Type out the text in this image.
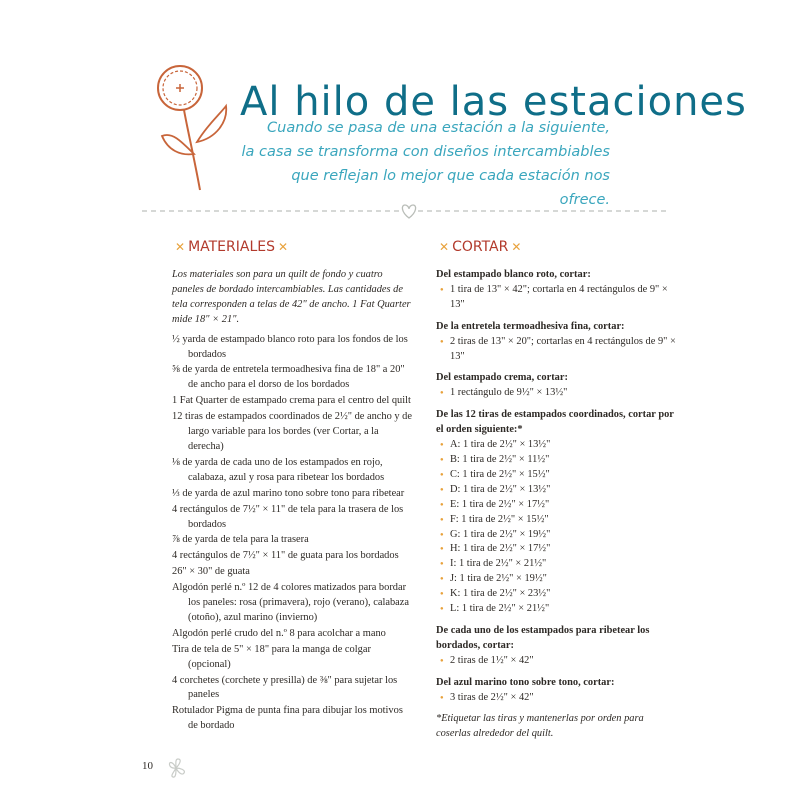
Al hilo de las estaciones
Cuando se pasa de una estación a la siguiente,
la casa se transforma con diseños intercambiables
que reflejan lo mejor que cada estación nos ofrece.
✕ MATERIALES ✕

Los materiales son para un quilt de fondo y cuatro paneles de bordado intercambiables. Las cantidades de tela corresponden a telas de 42" de ancho. 1 Fat Quarter mide 18" × 21".

½ yarda de estampado blanco roto para los fondos de los bordados

⅝ de yarda de entretela termoadhesiva fina de 18" a 20" de ancho para el dorso de los bordados

1 Fat Quarter de estampado crema para el centro del quilt

12 tiras de estampados coordinados de 2½" de ancho y de largo variable para los bordes (ver Cortar, a la derecha)

⅛ de yarda de cada uno de los estampados en rojo, calabaza, azul y rosa para ribetear los bordados

⅓ de yarda de azul marino tono sobre tono para ribetear

4 rectángulos de 7½" × 11" de tela para la trasera de los bordados

⅞ de yarda de tela para la trasera

4 rectángulos de 7½" × 11" de guata para los bordados

26" × 30" de guata

Algodón perlé n.º 12 de 4 colores matizados para bordar los paneles: rosa (primavera), rojo (verano), calabaza (otoño), azul marino (invierno)

Algodón perlé crudo del n.º 8 para acolchar a mano

Tira de tela de 5" × 18" para la manga de colgar (opcional)

4 corchetes (corchete y presilla) de ⅜" para sujetar los paneles

Rotulador Pigma de punta fina para dibujar los motivos de bordado

✕ CORTAR ✕

Del estampado blanco roto, cortar:

● 1 tira de 13" × 42"; cortarla en 4 rectángulos de 9" × 13"

De la entretela termoadhesiva fina, cortar:

● 2 tiras de 13" × 20"; cortarlas en 4 rectángulos de 9" × 13"

Del estampado crema, cortar:

● 1 rectángulo de 9½" × 13½"

De las 12 tiras de estampados coordinados, cortar por el orden siguiente:*

● A: 1 tira de 2½" × 13½"

● B: 1 tira de 2½" × 11½"

● C: 1 tira de 2½" × 15½"

● D: 1 tira de 2½" × 13½"

● E: 1 tira de 2½" × 17½"

● F: 1 tira de 2½" × 15½"

● G: 1 tira de 2½" × 19½"

● H: 1 tira de 2½" × 17½"

● I: 1 tira de 2½" × 21½"

● J: 1 tira de 2½" × 19½"

● K: 1 tira de 2½" × 23½"

● L: 1 tira de 2½" × 21½"

De cada uno de los estampados para ribetear los bordados, cortar:

● 2 tiras de 1½" × 42"

Del azul marino tono sobre tono, cortar:

● 3 tiras de 2½" × 42"

*Etiquetar las tiras y mantenerlas por orden para coserlas alrededor del quilt.

10
